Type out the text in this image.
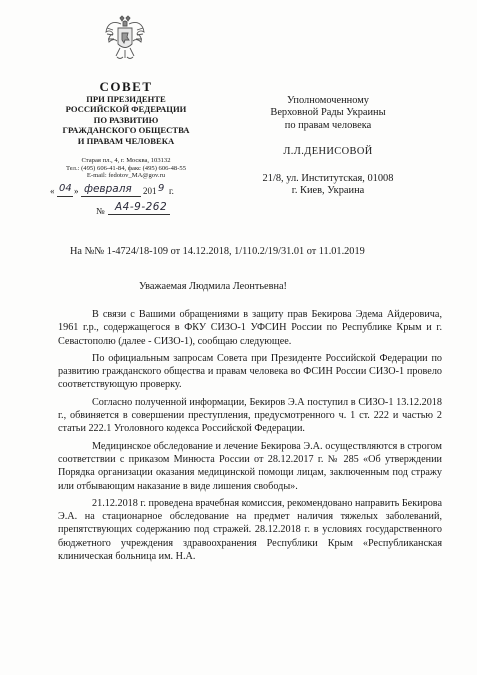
СОВЕТ
ПРИ ПРЕЗИДЕНТЕ
РОССИЙСКОЙ ФЕДЕРАЦИИ
ПО РАЗВИТИЮ
ГРАЖДАНСКОГО ОБЩЕСТВА
И ПРАВАМ ЧЕЛОВЕКА
Старая пл., 4, г. Москва, 103132
Тел.: (495) 606-41-84, факс (495) 606-48-55
E-mail: fedotov_MA@gov.ru
« 04 » февраля 201 9 г.
№ А4-9-262
Уполномоченному
Верховной Рады Украины
по правам человека
Л.Л.ДЕНИСОВОЙ
21/8, ул. Институтская, 01008
г. Киев, Украина
На №№ 1-4724/18-109 от 14.12.2018, 1/110.2/19/31.01 от 11.01.2019
Уважаемая Людмила Леонтьевна!

В связи с Вашими обращениями в защиту прав Бекирова Эдема Айдеровича, 1961 г.р., содержащегося в ФКУ СИЗО-1 УФСИН России по Республике Крым и г. Севастополю (далее - СИЗО-1), сообщаю следующее.

По официальным запросам Совета при Президенте Российской Федерации по развитию гражданского общества и правам человека во ФСИН России СИЗО-1 провело соответствующую проверку.

Согласно полученной информации, Бекиров Э.А поступил в СИЗО-1 13.12.2018 г., обвиняется в совершении преступления, предусмотренного ч. 1 ст. 222 и частью 2 статьи 222.1 Уголовного кодекса Российской Федерации.

Медицинское обследование и лечение Бекирова Э.А. осуществляются в строгом соответствии с приказом Минюста России от 28.12.2017 г. № 285 «Об утверждении Порядка организации оказания медицинской помощи лицам, заключенным под стражу или отбывающим наказание в виде лишения свободы».

21.12.2018 г. проведена врачебная комиссия, рекомендовано направить Бекирова Э.А. на стационарное обследование на предмет наличия тяжелых заболеваний, препятствующих содержанию под стражей. 28.12.2018 г. в условиях государственного бюджетного учреждения здравоохранения Республики Крым «Республиканская клиническая больница им. Н.А.
